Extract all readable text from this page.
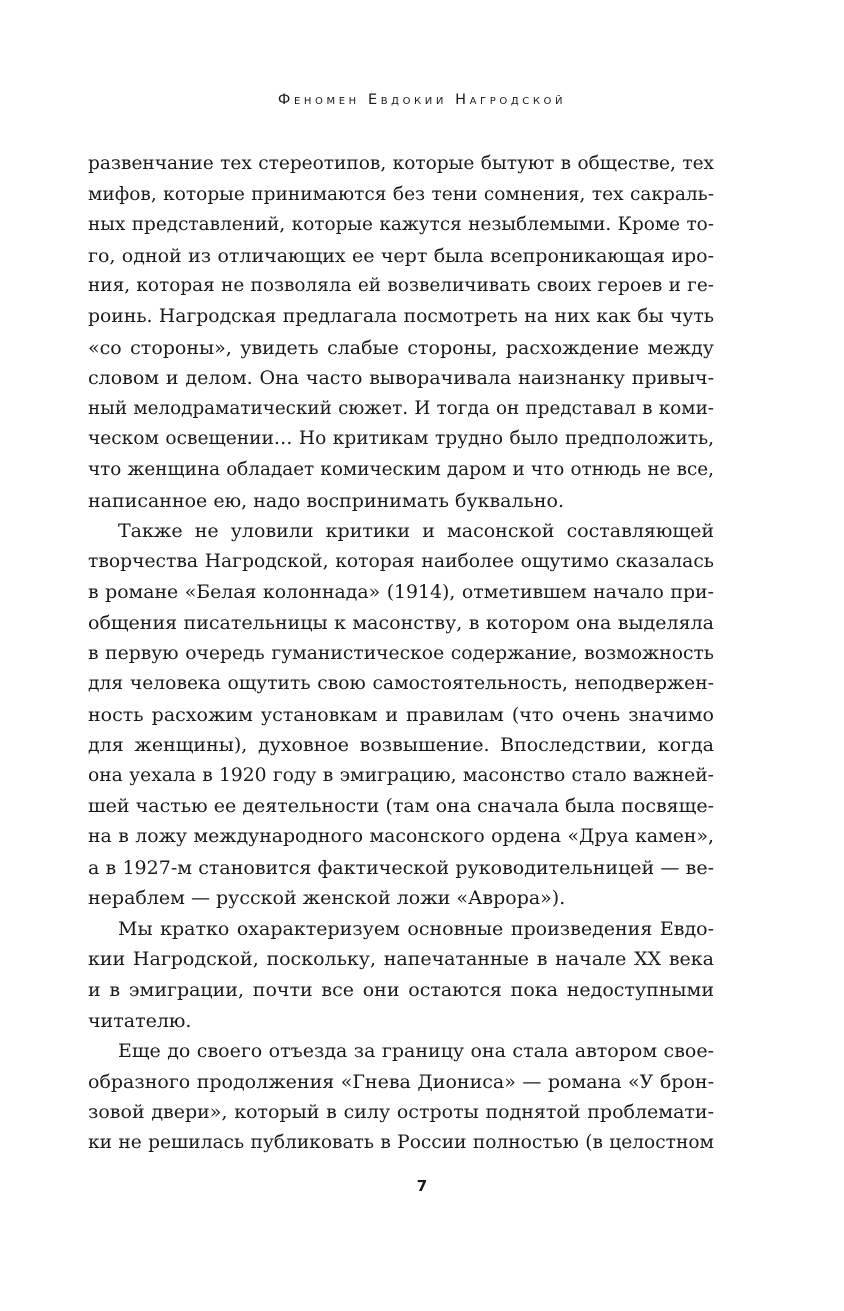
Феномен Евдокии Нагродской
развенчание тех стереотипов, которые бытуют в обществе, тех
мифов, которые принимаются без тени сомнения, тех сакраль-
ных представлений, которые кажутся незыблемыми. Кроме то-
го, одной из отличающих ее черт была всепроникающая иро-
ния, которая не позволяла ей возвеличивать своих героев и ге-
роинь. Нагродская предлагала посмотреть на них как бы чуть
«со стороны», увидеть слабые стороны, расхождение между
словом и делом. Она часто выворачивала наизнанку привыч-
ный мелодраматический сюжет. И тогда он представал в коми-
ческом освещении… Но критикам трудно было предположить,
что женщина обладает комическим даром и что отнюдь не все,
написанное ею, надо воспринимать буквально.
Также не уловили критики и масонской составляющей
творчества Нагродской, которая наиболее ощутимо сказалась
в романе «Белая колоннада» (1914), отметившем начало при-
общения писательницы к масонству, в котором она выделяла
в первую очередь гуманистическое содержание, возможность
для человека ощутить свою самостоятельность, неподвержен-
ность расхожим установкам и правилам (что очень значимо
для женщины), духовное возвышение. Впоследствии, когда
она уехала в 1920 году в эмиграцию, масонство стало важней-
шей частью ее деятельности (там она сначала была посвяще-
на в ложу международного масонского ордена «Друа камен»,
а в 1927-м становится фактической руководительницей — ве-
нераблем — русской женской ложи «Аврора»).
Мы кратко охарактеризуем основные произведения Евдо-
кии Нагродской, поскольку, напечатанные в начале ХХ века
и в эмиграции, почти все они остаются пока недоступными
читателю.
Еще до своего отъезда за границу она стала автором свое-
образного продолжения «Гнева Диониса» — романа «У брон-
зовой двери», который в силу остроты поднятой проблемати-
ки не решилась публиковать в России полностью (в целостном
7
